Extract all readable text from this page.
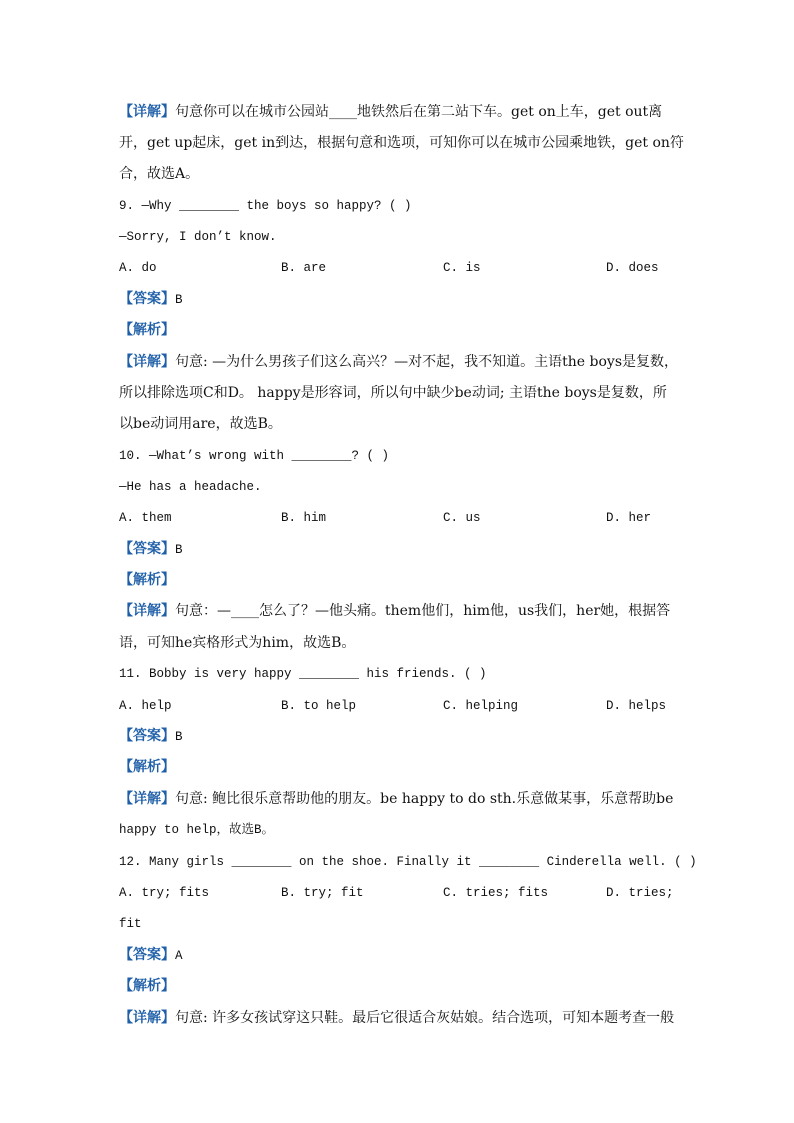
【详解】句意你可以在城市公园站____地铁然后在第二站下车。get on上车，get out离
开，get up起床，get in到达，根据句意和选项，可知你可以在城市公园乘地铁，get on符
合，故选A。
9. —Why ________ the boys so happy? ( )
—Sorry, I don’t know.
A. do	B. are	C. is	D. does
【答案】B
【解析】
【详解】句意: —为什么男孩子们这么高兴？—对不起，我不知道。主语the boys是复数，
所以排除选项C和D。 happy是形容词，所以句中缺少be动词; 主语the boys是复数，所
以be动词用are，故选B。
10. —What’s wrong with ________? ( )
—He has a headache.
A. them	B. him	C. us	D. her
【答案】B
【解析】
【详解】句意：—____怎么了？—他头痛。them他们，him他，us我们，her她，根据答
语，可知he宾格形式为him，故选B。
11. Bobby is very happy ________ his friends. ( )
A. help	B. to help	C. helping	D. helps
【答案】B
【解析】
【详解】句意: 鲍比很乐意帮助他的朋友。be happy to do sth.乐意做某事，乐意帮助be
happy to help，故选B。
12. Many girls ________ on the shoe. Finally it ________ Cinderella well. ( )
A. try; fits	B. try; fit	C. tries; fits	D. tries;
fit
【答案】A
【解析】
【详解】句意: 许多女孩试穿这只鞋。最后它很适合灰姑娘。结合选项，可知本题考查一般
